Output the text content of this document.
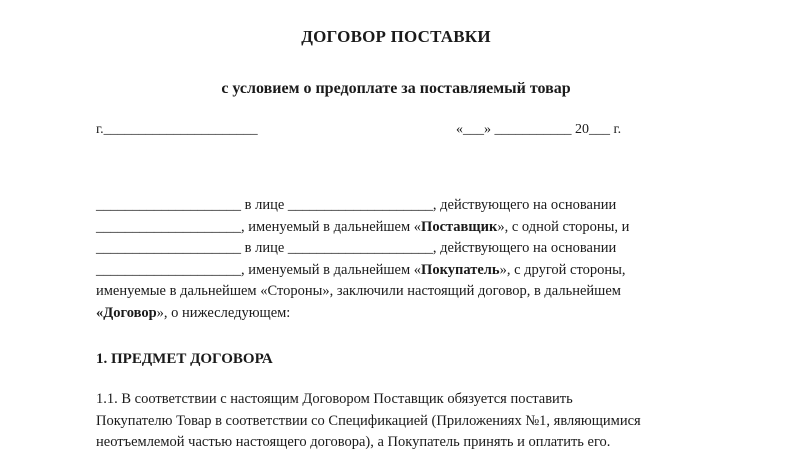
ДОГОВОР ПОСТАВКИ
с условием о предоплате за поставляемый товар
г.______________________	«___» ___________ 20___ г.
____________________ в лице ____________________, действующего на основании
____________________, именуемый в дальнейшем «Поставщик», с одной стороны, и
____________________ в лице ____________________, действующего на основании
____________________, именуемый в дальнейшем «Покупатель», с другой стороны,
именуемые в дальнейшем «Стороны», заключили настоящий договор, в дальнейшем
«Договор», о нижеследующем:
1. ПРЕДМЕТ ДОГОВОРА
1.1. В соответствии с настоящим Договором Поставщик обязуется поставить
Покупателю Товар в соответствии со Спецификацией (Приложениях №1, являющимися
неотъемлемой частью настоящего договора), а Покупатель принять и оплатить его.
